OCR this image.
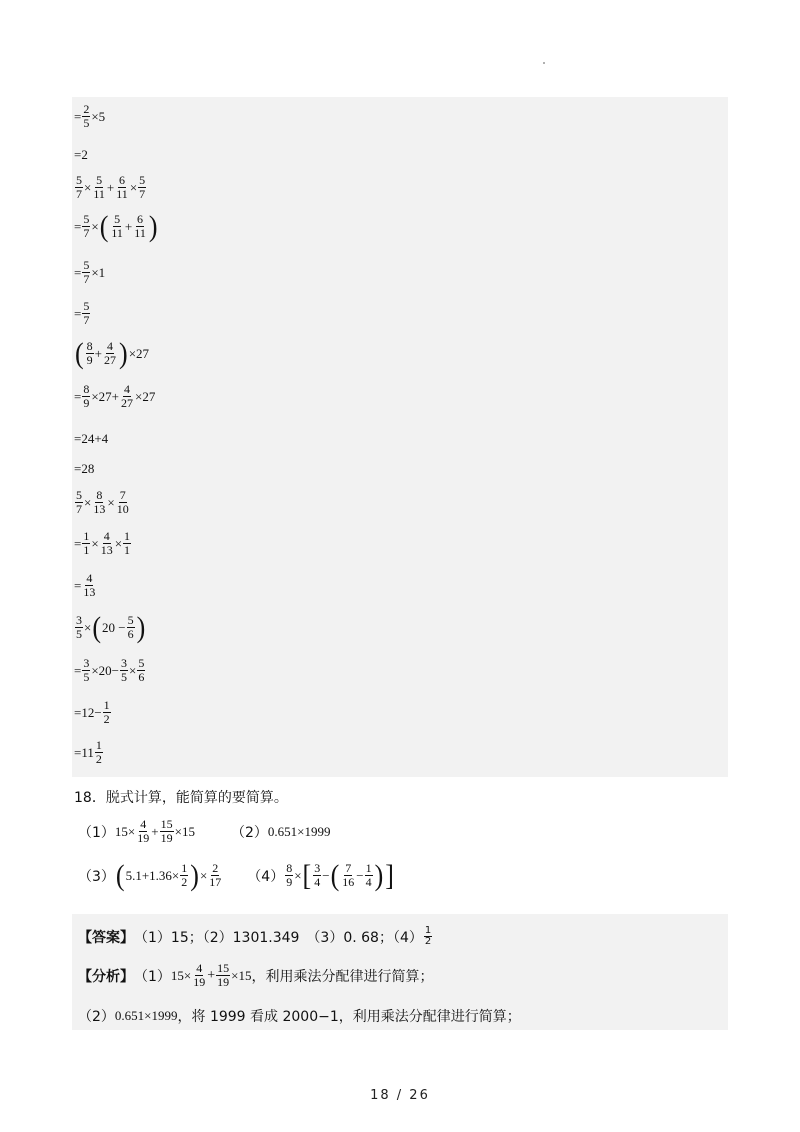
= $\frac{2}{5} \times 5$
=2
$\frac{5}{7} \times \frac{5}{11} + \frac{6}{11} \times \frac{5}{7}$
= $\frac{5}{7}$ × ( 5
$11 + \frac{6}{11}$ )
= $\frac{5}{7} \times 1$
= $\frac{5}{7}$
( 8
$9 + \frac{4}{27}$ ) ×27
= $\frac{8}{9} \times 27+ \frac{4}{27} \times 27$
=24+4
=28
$\frac{5}{7} \times \frac{8}{13} \times \frac{7}{10}$
= $\frac{1}{1} \times \frac{4}{13} \times \frac{1}{1}$
= $\frac{4}{13}$
$\frac{3}{5}$ × ( $20 - \frac{5}{6}$ )
= $\frac{3}{5} \times 20- \frac{3}{5} \times \frac{5}{6}$
$=12- \frac{1}{2}$
=11 1
2
18．脱式计算，能简算的要简算。
（1） $15\times \frac{4}{19} + \frac{15}{19} \times 15$	（2） 0.651×1999
（3） ( $5.1+1.36\times \frac{1}{2}$ ) × $\frac{2}{17} (4) \frac{8}{9}$ × [ 3
4 − ( 7
$16 - \frac{1}{4}$ ) ]
【答案】 （1）15；（2）1301.349　（3）0. 68；（4） 1
2
【分析】 （1） $15\times \frac{4}{19} + \frac{15}{19} \times 15$ ，利用乘法分配律进行简算；
（2） 0.651×1999 ，将 1999 看成 2000−1，利用乘法分配律进行简算；
18 / 26
